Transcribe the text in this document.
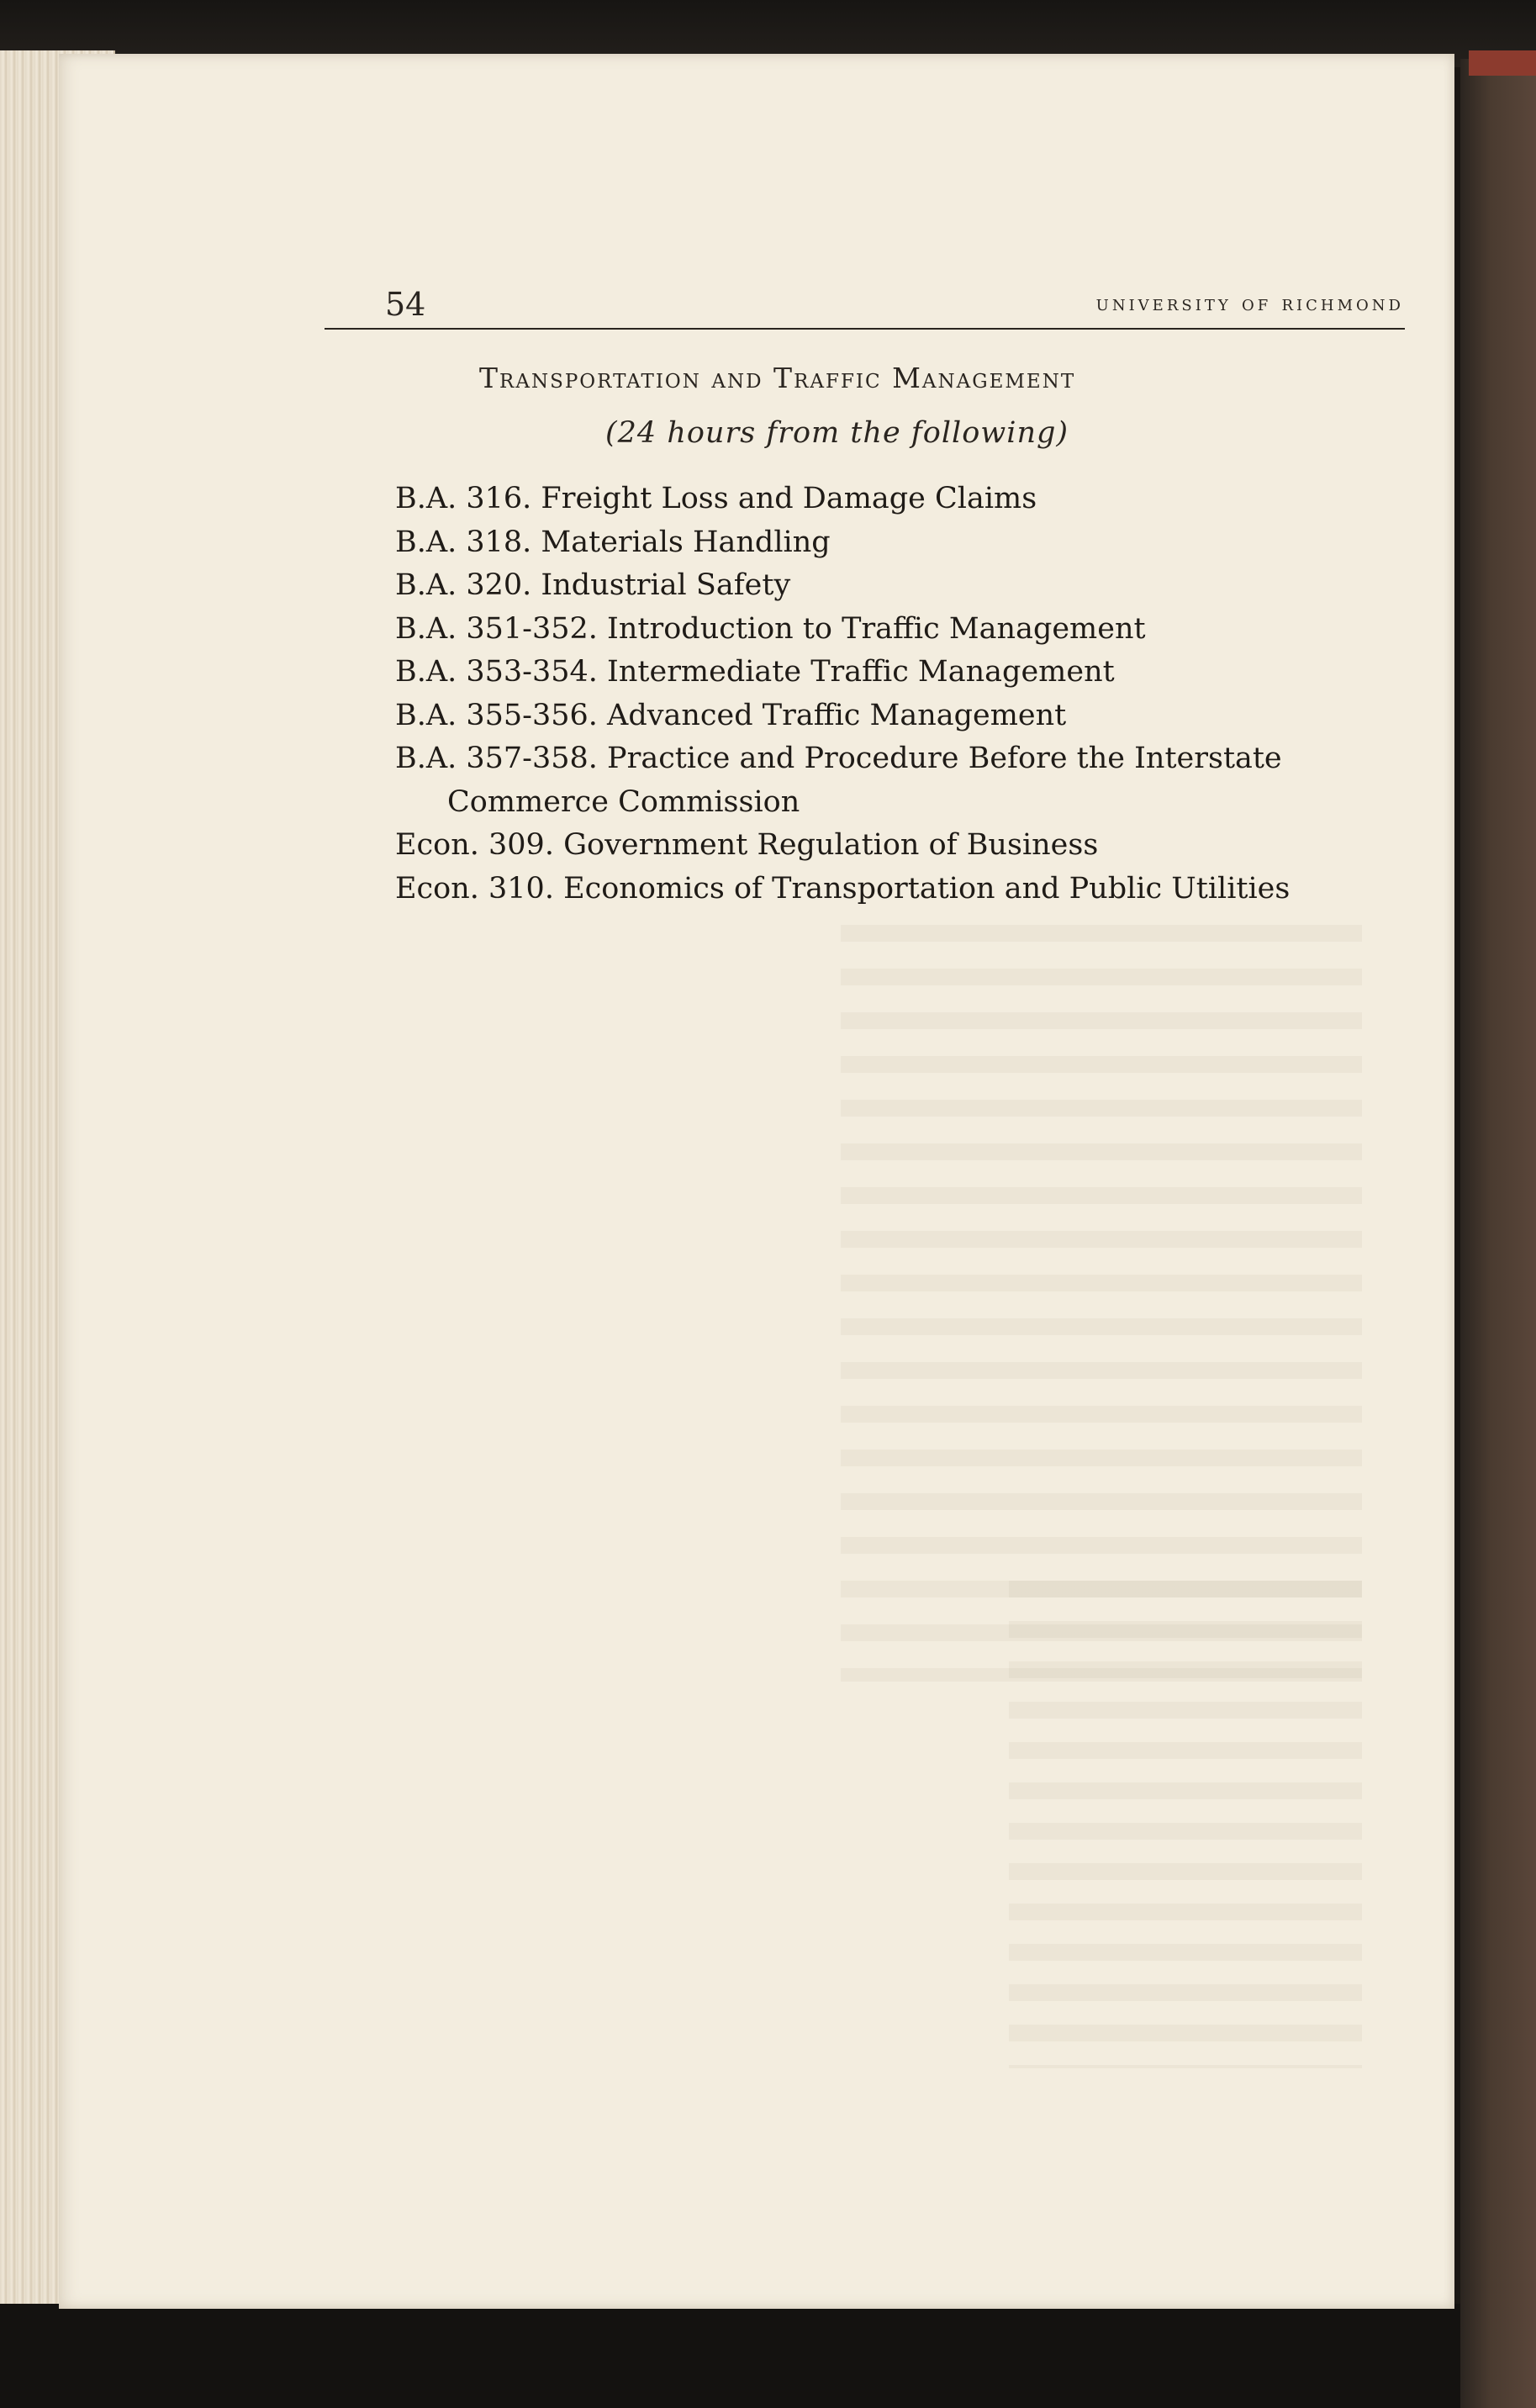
54	university of richmond
Transportation and Traffic Management
(24 hours from the following)
B.A. 316. Freight Loss and Damage Claims
B.A. 318. Materials Handling
B.A. 320. Industrial Safety
B.A. 351-352. Introduction to Traffic Management
B.A. 353-354. Intermediate Traffic Management
B.A. 355-356. Advanced Traffic Management
B.A. 357-358. Practice and Procedure Before the Interstate
Commerce Commission
Econ. 309. Government Regulation of Business
Econ. 310. Economics of Transportation and Public Utilities
